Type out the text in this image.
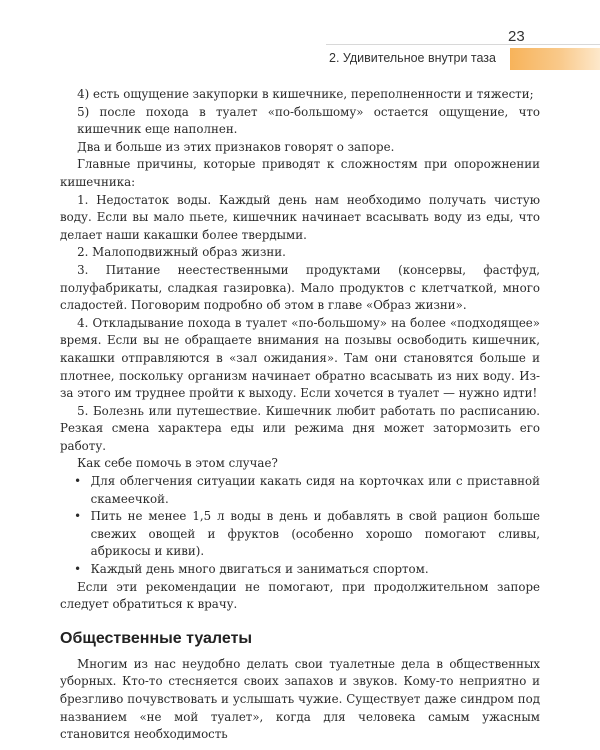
23
2. Удивительное внутри таза

4) есть ощущение закупорки в кишечнике, переполненности и тяжести;

5) после похода в туалет «по-большому» остается ощущение, что кишечник еще наполнен.

Два и больше из этих признаков говорят о запоре.

Главные причины, которые приводят к сложностям при опорожнении кишечника:

1. Недостаток воды. Каждый день нам необходимо получать чистую воду. Если вы мало пьете, кишечник начинает всасывать воду из еды, что делает наши какашки более твердыми.

2. Малоподвижный образ жизни.

3. Питание неестественными продуктами (консервы, фастфуд, полуфабрикаты, сладкая газировка). Мало продуктов с клетчаткой, много сладостей. Поговорим подробно об этом в главе «Образ жизни».

4. Откладывание похода в туалет «по-большому» на более «подходящее» время. Если вы не обращаете внимания на позывы освободить кишечник, какашки отправляются в «зал ожидания». Там они становятся больше и плотнее, поскольку организм начинает обратно всасывать из них воду. Из-за этого им труднее пройти к выходу. Если хочется в туалет — нужно идти!

5. Болезнь или путешествие. Кишечник любит работать по расписанию. Резкая смена характера еды или режима дня может затормозить его работу.

Как себе помочь в этом случае?

• Для облегчения ситуации какать сидя на корточках или с приставной скамеечкой.

• Пить не менее 1,5 л воды в день и добавлять в свой рацион больше свежих овощей и фруктов (особенно хорошо помогают сливы, абрикосы и киви).

• Каждый день много двигаться и заниматься спортом.

Если эти рекомендации не помогают, при продолжительном запоре следует обратиться к врачу.

Общественные туалеты

Многим из нас неудобно делать свои туалетные дела в общественных уборных. Кто-то стесняется своих запахов и звуков. Кому-то неприятно и брезгливо почувствовать и услышать чужие. Существует даже синдром под названием «не мой туалет», когда для человека самым ужасным становится необходимость
